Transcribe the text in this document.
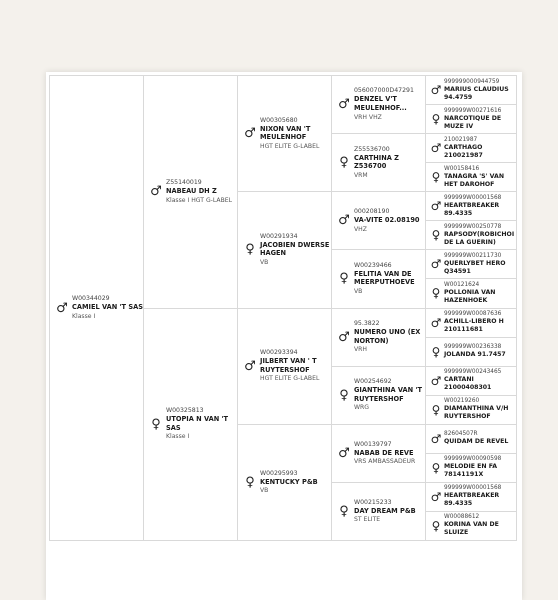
♂
W00344029
CAMIEL VAN 'T SAS
Klasse I
♂
Z55140019
NABEAU DH Z
Klasse I HGT G-LABEL
♀
W00325813
UTOPIA N VAN 'T SAS
Klasse I
♂
W00305680
NIXON VAN 'T MEULENHOF
HGT ELITE G-LABEL
♀
W00291934
JACOBIEN DWERSE HAGEN
VB
♂
W00293394
JILBERT VAN ' T RUYTERSHOF
HGT ELITE G-LABEL
♀
W00295993
KENTUCKY P&B
VB
♂
056007000D47291
DENZEL V'T MEULENHOF...
VRH VHZ
♀
Z55536700
CARTHINA Z Z536700
VRM
♂
000208190
VA-VITE 02.08190
VHZ
♀
W00239466
FELITIA VAN DE MEERPUTHOEVE
VB
♂
95.3822
NUMERO UNO (EX NORTON)
VRH
♀
W00254692
GIANTHINA VAN 'T RUYTERSHOF
WRG
♂
W00139797
NABAB DE REVE
VRS AMBASSADEUR
♀
W00215233
DAY DREAM P&B
ST ELITE
♂
999999000944759
MARIUS CLAUDIUS 94.4759
♀
999999W00271616
NARCOTIQUE DE MUZE IV
♂
210021987
CARTHAGO 210021987
♀
W00158416
TANAGRA 'S' VAN HET DAROHOF
♂
999999W00001568
HEARTBREAKER 89.4335
♀
999999W00250778
RAPSODY(ROBICHOI DE LA GUERIN)
♂
999999W00211730
QUERLYBET HERO Q34591
♀
W00121624
POLLONIA VAN HAZENHOEK
♂
999999W00087636
ACHILL-LIBERO H 210111681
♀ 999999W00236338
JOLANDA 91.7457
♂
999999W00243465
CARTANI 21000408301
♀
W00219260
DIAMANTHINA V/H RUYTERSHOF
♂ 82604507R
QUIDAM DE REVEL
♀
999999W00090598
MELODIE EN FA 78141191X
♂
999999W00001568
HEARTBREAKER 89.4335
♀
W00088612
KORINA VAN DE SLUIZE
